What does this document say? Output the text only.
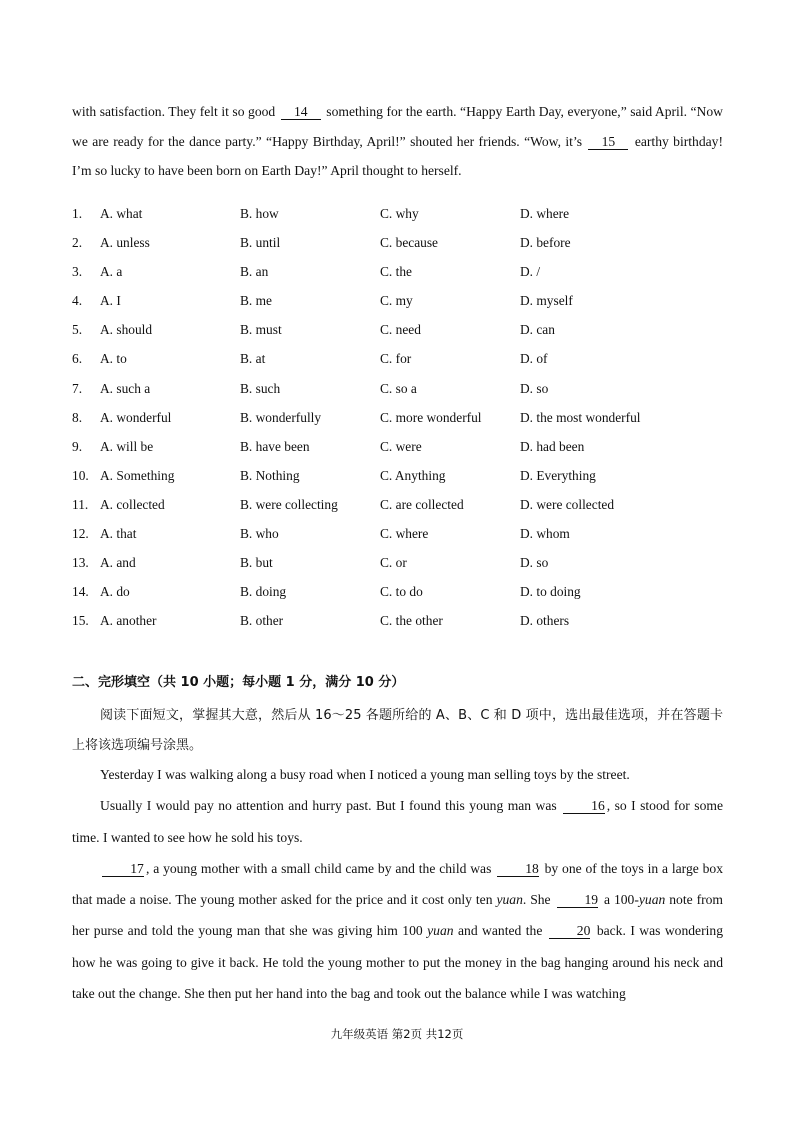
with satisfaction. They felt it so good 14 something for the earth. “Happy Earth Day, everyone,” said April. “Now we are ready for the dance party.” “Happy Birthday, April!” shouted her friends. “Wow, it’s 15 earthy birthday! I’m so lucky to have been born on Earth Day!” April thought to herself.
1. A. what	B. how	C. why	D. where
2. A. unless	B. until	C. because	D. before
3. A. a	B. an	C. the	D. /
4. A. I	B. me	C. my	D. myself
5. A. should	B. must	C. need	D. can
6. A. to	B. at	C. for	D. of
7. A. such a	B. such	C. so a	D. so
8. A. wonderful	B. wonderfully	C. more wonderful	D. the most wonderful
9. A. will be	B. have been	C. were	D. had been
10. A. Something	B. Nothing	C. Anything	D. Everything
11. A. collected	B. were collecting	C. are collected	D. were collected
12. A. that	B. who	C. where	D. whom
13. A. and	B. but	C. or	D. so
14. A. do	B. doing	C. to do	D. to doing
15. A. another	B. other	C. the other	D. others
二、完形填空（共 10 小题；每小题 1 分，满分 10 分）
阅读下面短文，掌握其大意，然后从 16～25 各题所给的 A、B、C 和 D 项中，选出最佳选项，并在答题卡上将该选项编号涂黑。

Yesterday I was walking along a busy road when I noticed a young man selling toys by the street.

Usually I would pay no attention and hurry past. But I found this young man was 16 , so I stood for some time. I wanted to see how he sold his toys.

17 , a young mother with a small child came by and the child was 18 by one of the toys in a large box that made a noise. The young mother asked for the price and it cost only ten yuan. She 19 a 100-yuan note from her purse and told the young man that she was giving him 100 yuan and wanted the 20 back. I was wondering how he was going to give it back. He told the young mother to put the money in the bag hanging around his neck and take out the change. She then put her hand into the bag and took out the balance while I was watching

九年级英语 第2页 共12页
